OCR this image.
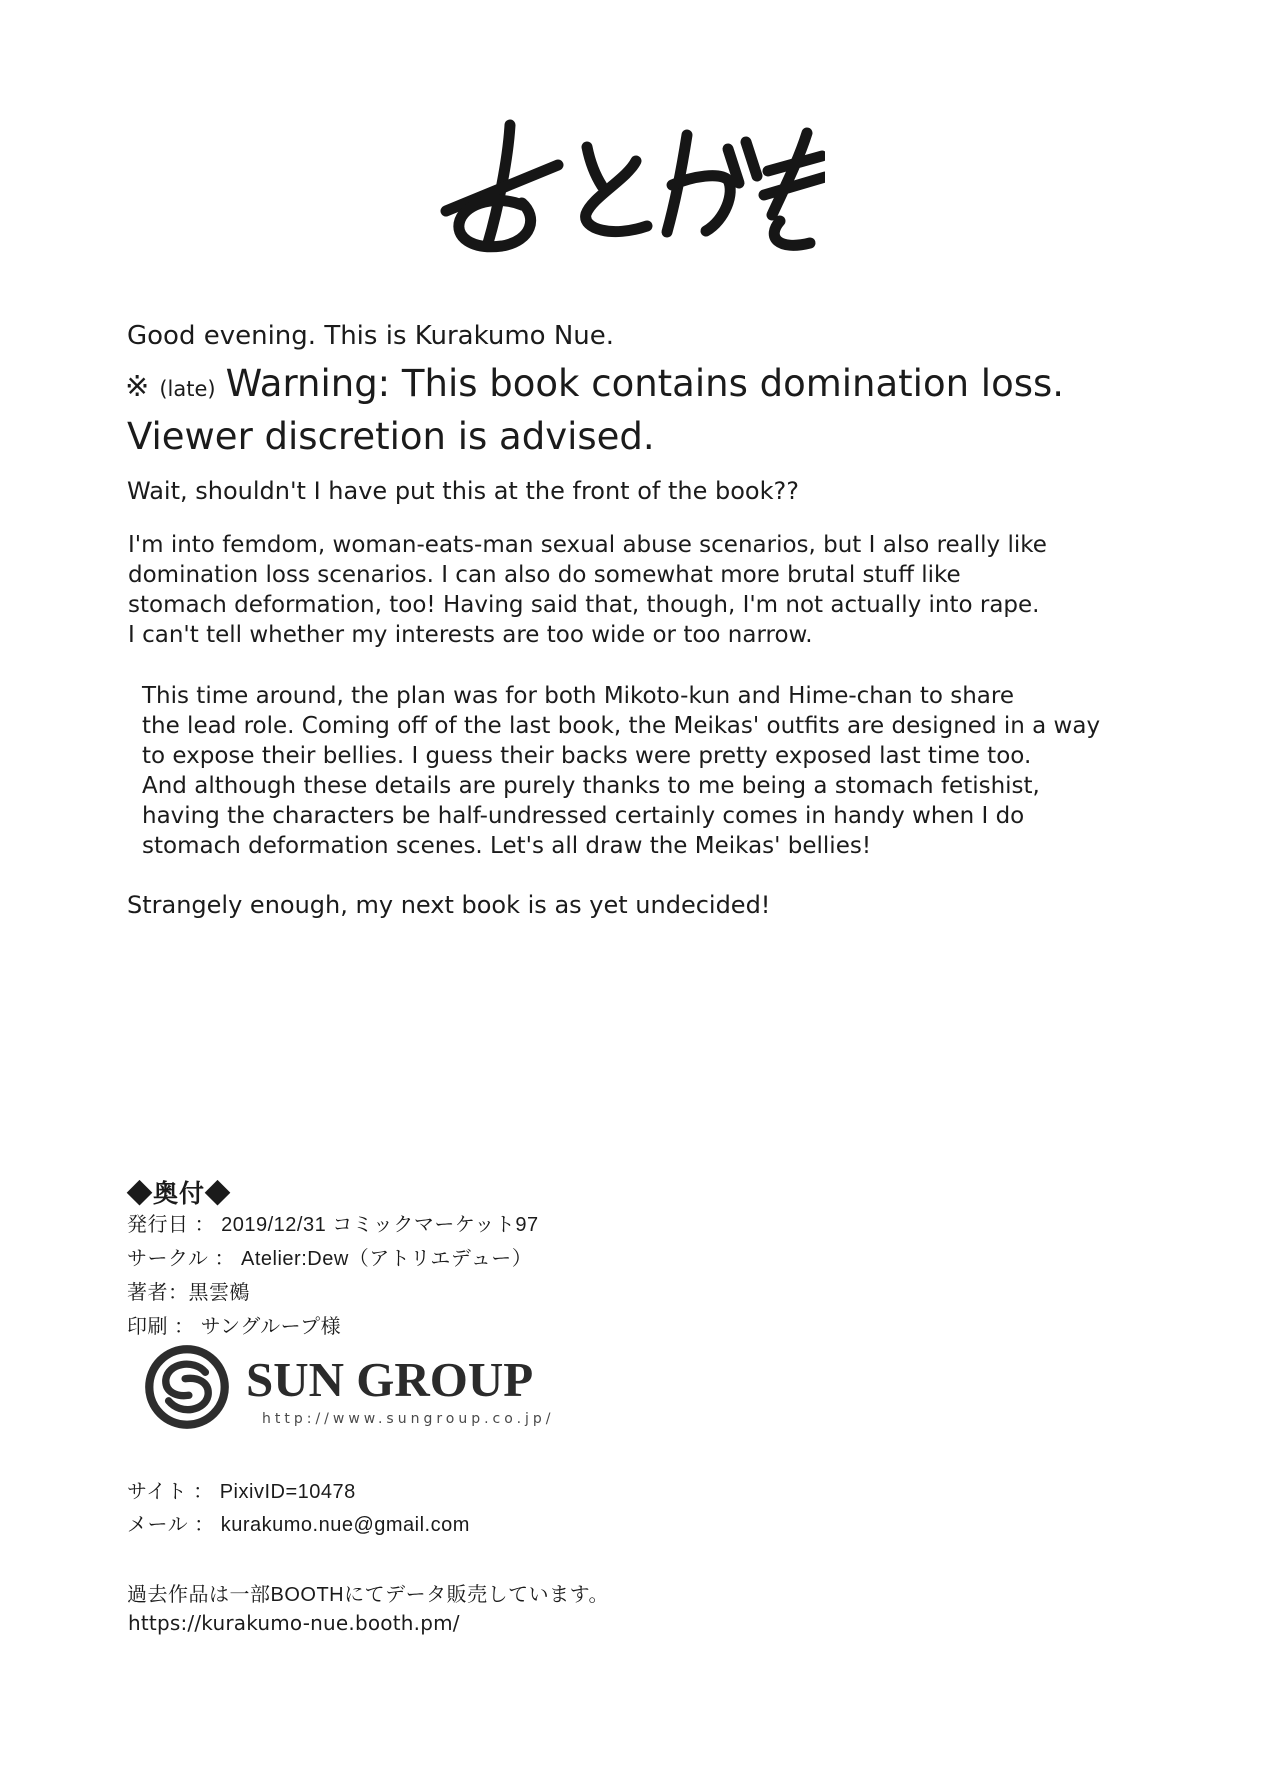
Good evening. This is Kurakumo Nue.
※ (late) Warning: This book contains domination loss.
Viewer discretion is advised.
Wait, shouldn't I have put this at the front of the book??
I'm into femdom, woman-eats-man sexual abuse scenarios, but I also really like
domination loss scenarios. I can also do somewhat more brutal stuff like
stomach deformation, too! Having said that, though, I'm not actually into rape.
I can't tell whether my interests are too wide or too narrow.
This time around, the plan was for both Mikoto-kun and Hime-chan to share
the lead role. Coming off of the last book, the Meikas' outfits are designed in a way
to expose their bellies. I guess their backs were pretty exposed last time too.
And although these details are purely thanks to me being a stomach fetishist,
having the characters be half-undressed certainly comes in handy when I do
stomach deformation scenes. Let's all draw the Meikas' bellies!
Strangely enough, my next book is as yet undecided!
◆奥付◆
発行日 ： 2019/12/31 コミックマーケット97
サークル ： Atelier:Dew（アトリエデュー）
著者：黒雲鵺
印刷 ： サングループ様
SUN GROUP
http://www.sungroup.co.jp/
サイト ： PixivID=10478
メール ： kurakumo.nue@gmail.com
過去作品は一部BOOTHにてデータ販売しています。
https://kurakumo-nue.booth.pm/
